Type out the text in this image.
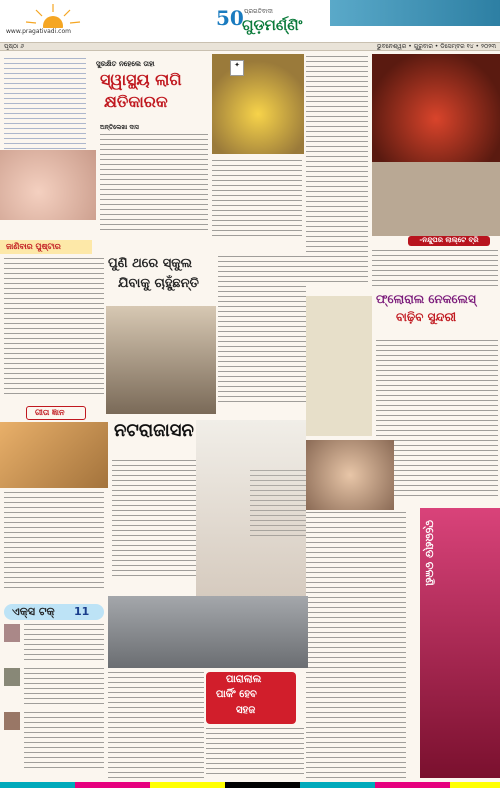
www.pragativadi.com
50 ପ୍ରଗତିବାଦୀ
ଗୁଡ଼ମର୍ଣ୍ଣିଂ
ପୃଷ୍ଠା ୬	ଭୁବନେଶ୍ୱର • ଗୁରୁବାର • ଡିସେମ୍ବର ୧୪ • ୨୦୨୩
ସୁରକ୍ଷିତ ନହେଲେ ତାହା
ସ୍ୱାସ୍ଥ୍ୟ ଲାଗି
କ୍ଷତିକାରକ
ଅନ୍ତିଲେଖା ଦାସ
✦
-ନନ୍ଦୁପର ଲାଲ୍‌ଟେ ବ୍ରି
ଜାଣିବାର ପୁଷ୍ଟାର
ଗୀତା ଜ୍ଞାନ
ପୁଣି ଥରେ ସ୍କୁଲ
ଯିବାକୁ ଚାହୁଁଛନ୍ତି
ଫ୍ଲୋରାଲ ନେକଲେସ୍
ବାଢ଼ିବ ସୁନ୍ଦରୀ
ନଟରାଜାସନ
ଟ୍ରେଣ୍ଡ ଚଳଣି
ପାରାଲାଲ
ପାର୍କିଂ ହେବ
ସହଜ
ଏକ୍ସ ଟକ୍ 11
